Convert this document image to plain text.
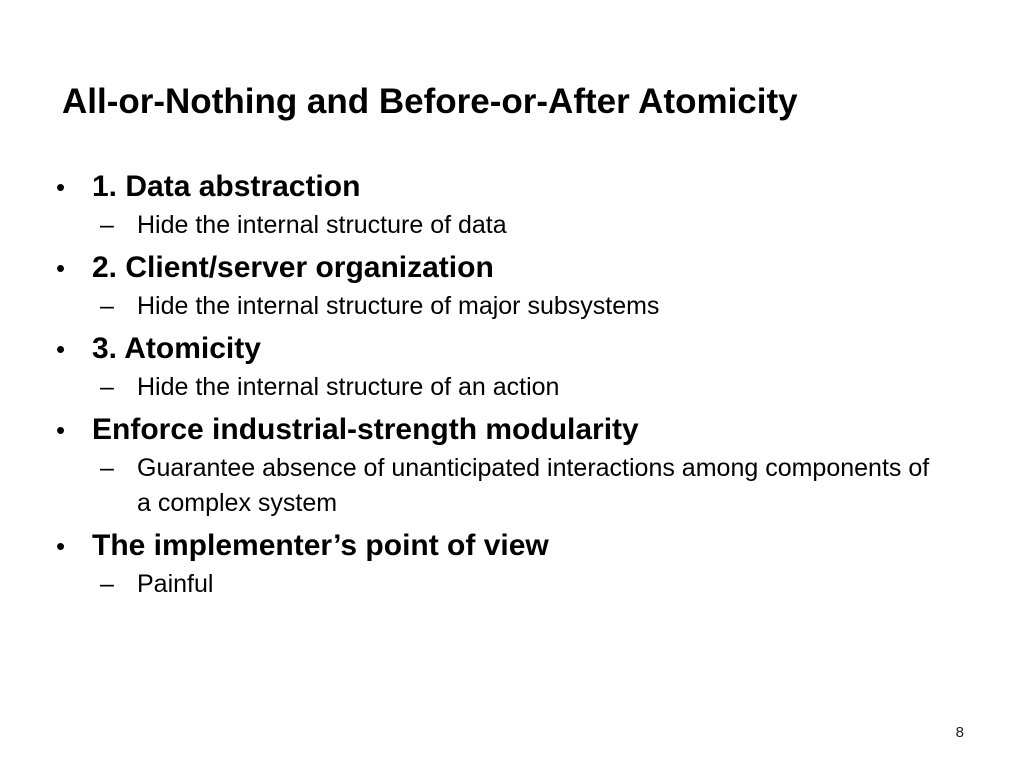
All-or-Nothing and Before-or-After Atomicity
• 1. Data abstraction
– Hide the internal structure of data
• 2. Client/server organization
– Hide the internal structure of major subsystems
• 3. Atomicity
– Hide the internal structure of an action
• Enforce industrial-strength modularity
– Guarantee absence of unanticipated interactions among components of a complex system
• The implementer’s point of view
– Painful
8
